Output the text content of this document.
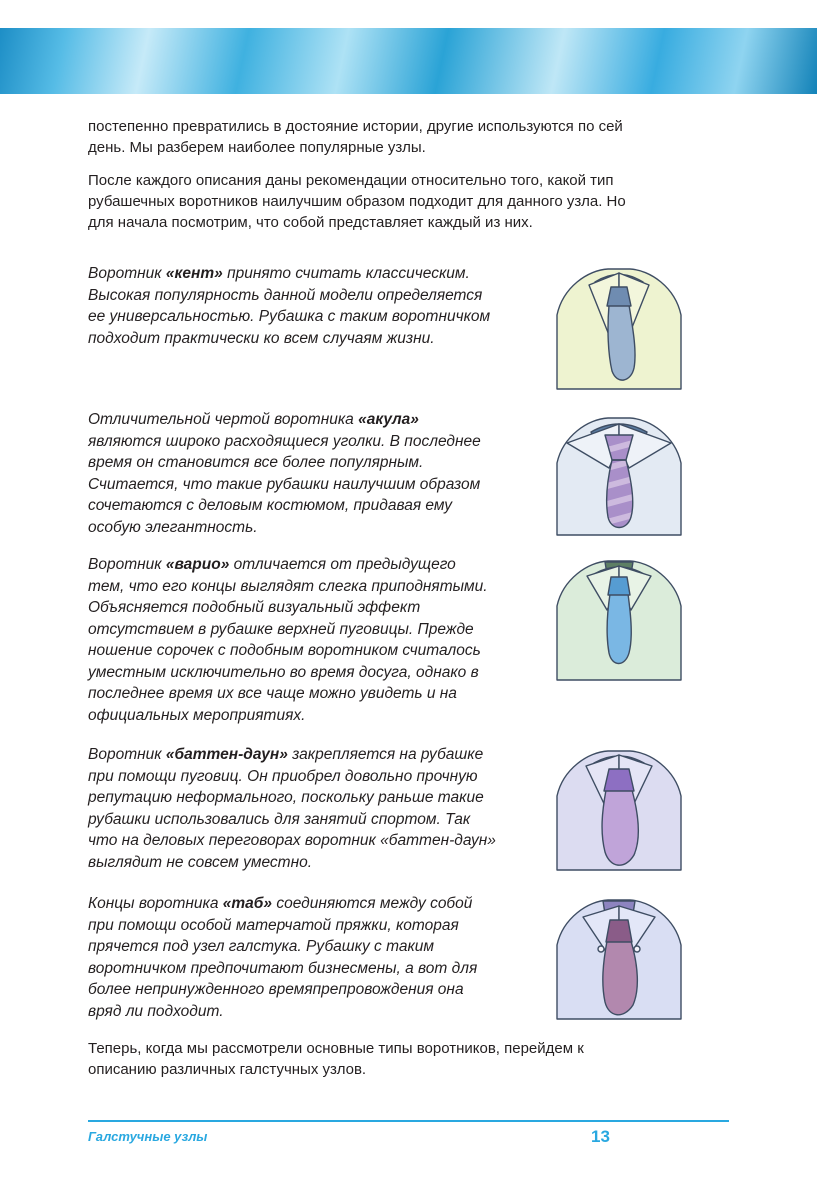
постепенно превратились в достояние истории, другие используются по сей день. Мы разберем наиболее популярные узлы.

После каждого описания даны рекомендации относительно того, какой тип рубашечных воротников наилучшим образом подходит для данного узла. Но для начала посмотрим, что собой представляет каждый из них.

Воротник «кент» принято считать классическим. Высокая популярность данной модели определяется ее универсальностью. Рубашка с таким воротничком подходит практически ко всем случаям жизни.

Отличительной чертой воротника «акула» являются широко расходящиеся уголки. В последнее время он становится все более популярным. Считается, что такие рубашки наилучшим образом сочетаются с деловым костюмом, придавая ему особую элегантность.

Воротник «варио» отличается от предыдущего тем, что его концы выглядят слегка приподнятыми. Объясняется подобный визуальный эффект отсутствием в рубашке верхней пуговицы. Прежде ношение сорочек с подобным воротником считалось уместным исключительно во время досуга, однако в последнее время их все чаще можно увидеть и на официальных мероприятиях.

Воротник «баттен-даун» закрепляется на рубашке при помощи пуговиц. Он приобрел довольно прочную репутацию неформального, поскольку раньше такие рубашки использовались для занятий спортом. Так что на деловых переговорах воротник «баттен-даун» выглядит не совсем уместно.

Концы воротника «таб» соединяются между собой при помощи особой матерчатой пряжки, которая прячется под узел галстука. Рубашку с таким воротничком предпочитают бизнесмены, а вот для более непринужденного времяпрепровождения она вряд ли подходит.

Теперь, когда мы рассмотрели основные типы воротников, перейдем к описанию различных галстучных узлов.

Галстучные узлы	13
